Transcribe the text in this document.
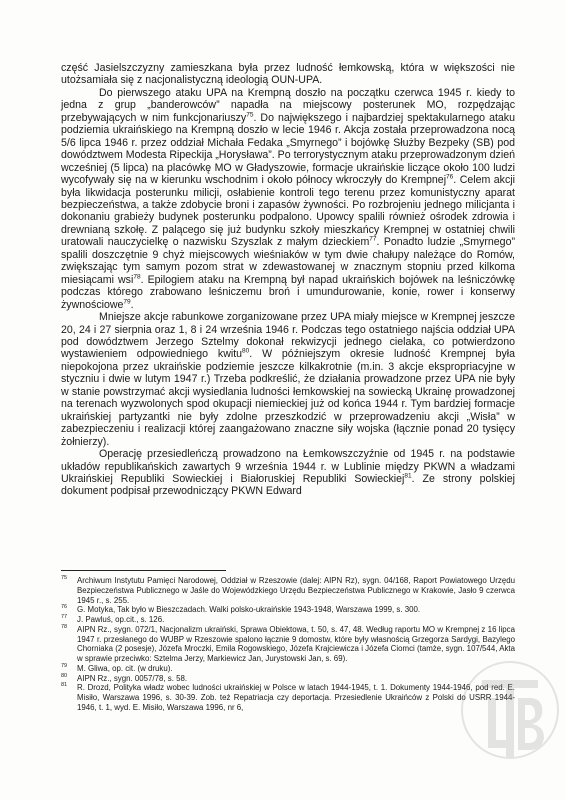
część Jasielszczyzny zamieszkana była przez ludność łemkowską, która w większości nie utożsamiała się z nacjonalistyczną ideologią OUN-UPA.

Do pierwszego ataku UPA na Krempną doszło na początku czerwca 1945 r. kiedy to jedna z grup „banderowców” napadła na miejscowy posterunek MO, rozpędzając przebywających w nim funkcjonariuszy$^{75}$. Do największego i najbardziej spektakularnego ataku podziemia ukraińskiego na Krempną doszło w lecie 1946 r. Akcja została przeprowadzona nocą 5/6 lipca 1946 r. przez oddział Michała Fedaka „Smyrnego” i bojówkę Służby Bezpeky (SB) pod dowództwem Modesta Ripeckija „Horysława”. Po terrorystycznym ataku przeprowadzonym dzień wcześniej (5 lipca) na placówkę MO w Gładyszowie, formacje ukraińskie liczące około 100 ludzi wycofywały się na w kierunku wschodnim i około północy wkroczyły do Krempnej$^{76}$. Celem akcji była likwidacja posterunku milicji, osłabienie kontroli tego terenu przez komunistyczny aparat bezpieczeństwa, a także zdobycie broni i zapasów żywności. Po rozbrojeniu jednego milicjanta i dokonaniu grabieży budynek posterunku podpalono. Upowcy spalili również ośrodek zdrowia i drewnianą szkołę. Z palącego się już budynku szkoły mieszkańcy Krempnej w ostatniej chwili uratowali nauczycielkę o nazwisku Szyszlak z małym dzieckiem$^{77}$. Ponadto ludzie „Smyrnego” spalili doszczętnie 9 chyż miejscowych wieśniaków w tym dwie chałupy należące do Romów, zwiększając tym samym pozom strat w zdewastowanej w znacznym stopniu przed kilkoma miesiącami wsi$^{78}$. Epilogiem ataku na Krempną był napad ukraińskich bojówek na leśniczówkę podczas którego zrabowano leśniczemu broń i umundurowanie, konie, rower i konserwy żywnościowe$^{79}$.

Mniejsze akcje rabunkowe zorganizowane przez UPA miały miejsce w Krempnej jeszcze 20, 24 i 27 sierpnia oraz 1, 8 i 24 września 1946 r. Podczas tego ostatniego najścia oddział UPA pod dowództwem Jerzego Sztelmy dokonał rekwizycji jednego cielaka, co potwierdzono wystawieniem odpowiedniego kwitu$^{80}$. W późniejszym okresie ludność Krempnej była niepokojona przez ukraińskie podziemie jeszcze kilkakrotnie (m.in. 3 akcje ekspropriacyjne w styczniu i dwie w lutym 1947 r.) Trzeba podkreślić, że działania prowadzone przez UPA nie były w stanie powstrzymać akcji wysiedlania ludności łemkowskiej na sowiecką Ukrainę prowadzonej na terenach wyzwolonych spod okupacji niemieckiej już od końca 1944 r. Tym bardziej formacje ukraińskiej partyzantki nie były zdolne przeszkodzić w przeprowadzeniu akcji „Wisła” w zabezpieczeniu i realizacji której zaangażowano znaczne siły wojska (łącznie ponad 20 tysięcy żołnierzy).

Operację przesiedleńczą prowadzono na Łemkowszczyźnie od 1945 r. na podstawie układów republikańskich zawartych 9 września 1944 r. w Lublinie między PKWN a władzami Ukraińskiej Republiki Sowieckiej i Białoruskiej Republiki Sowieckiej$^{81}$. Ze strony polskiej dokument podpisał przewodniczący PKWN Edward

75	Archiwum Instytutu Pamięci Narodowej, Oddział w Rzeszowie (dalej: AIPN Rz), sygn. 04/168, Raport Powiatowego Urzędu Bezpieczeństwa Publicznego w Jaśle do Wojewódzkiego Urzędu Bezpieczeństwa Publicznego w Krakowie, Jasło 9 czerwca 1945 r., s. 255.
76	G. Motyka, Tak było w Bieszczadach. Walki polsko-ukraińskie 1943-1948, Warszawa 1999, s. 300.
77	J. Pawluś, op.cit., s. 126.
78	AIPN Rz., sygn. 072/1, Nacjonalizm ukraiński, Sprawa Obiektowa, t. 50, s. 47, 48. Według raportu MO w Krempnej z 16 lipca 1947 r. przesłanego do WUBP w Rzeszowie spalono łącznie 9 domostw, które były własnością Grzegorza Sardygi, Bazylego Chorniaka (2 posesje), Józefa Mroczki, Emila Rogowskiego, Józefa Krajciewicza i Józefa Ciomci (tamże, sygn. 107/544, Akta w sprawie przeciwko: Sztelma Jerzy, Markiewicz Jan, Jurystowski Jan, s. 69).
79	M. Gliwa, op. cit. (w druku).
80	AIPN Rz., sygn. 0057/78, s. 58.
81	R. Drozd, Polityka władz wobec ludności ukraińskiej w Polsce w latach 1944-1945, t. 1. Dokumenty 1944-1946, pod red. E. Misiło, Warszawa 1996, s. 30-39. Zob. też Repatriacja czy deportacja. Przesiedlenie Ukraińców z Polski do USRR 1944-1946, t. 1, wyd. E. Misiło, Warszawa 1996, nr 6,
